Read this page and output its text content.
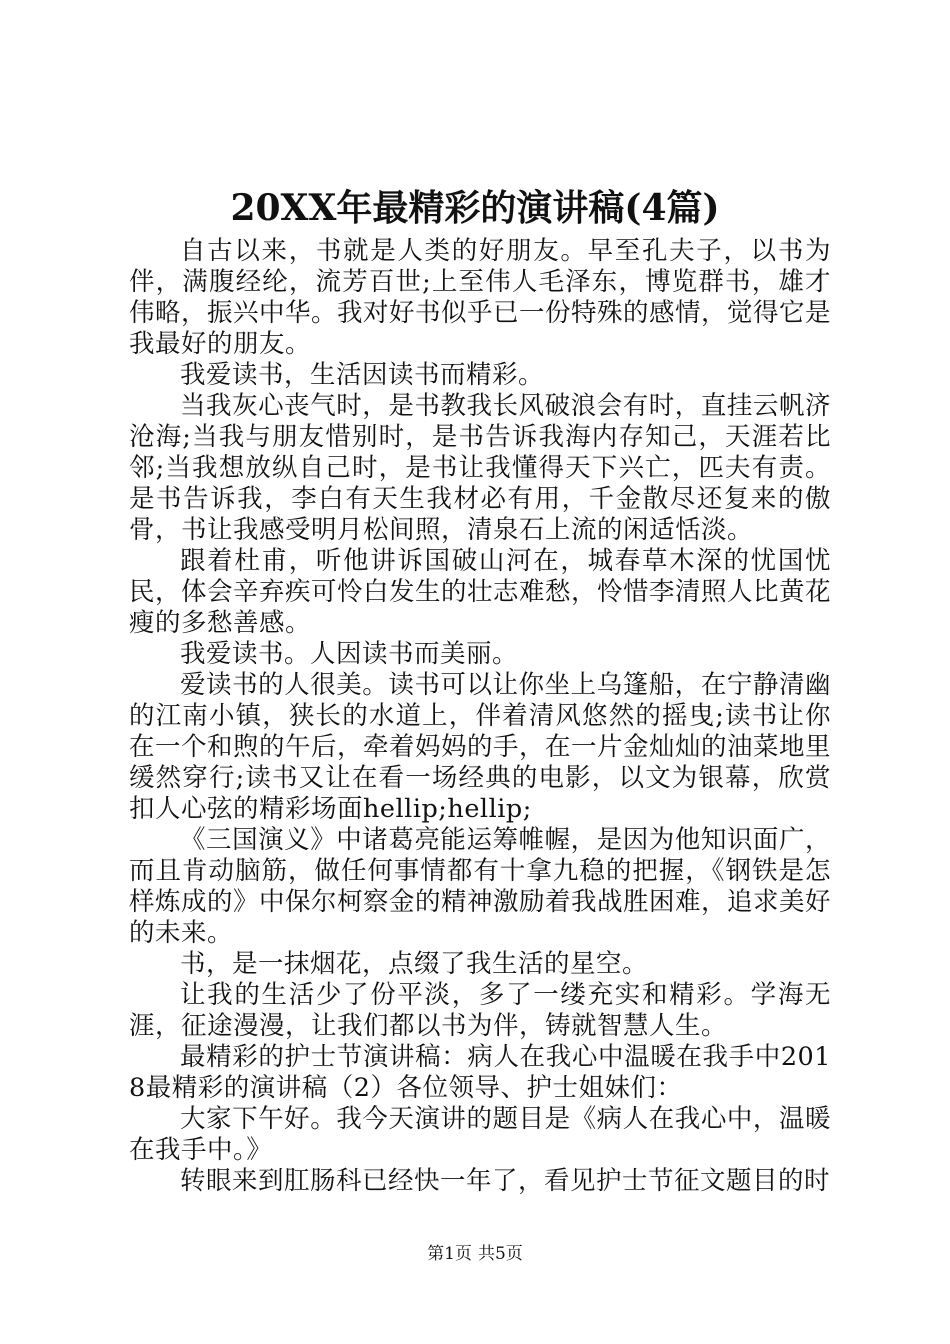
20XX年最精彩的演讲稿(4篇)

自古以来，书就是人类的好朋友。早至孔夫子，以书为伴，满腹经纶，流芳百世;上至伟人毛泽东，博览群书，雄才伟略，振兴中华。我对好书似乎已一份特殊的感情，觉得它是我最好的朋友。

我爱读书，生活因读书而精彩。

当我灰心丧气时，是书教我长风破浪会有时，直挂云帆济沧海;当我与朋友惜别时，是书告诉我海内存知己，天涯若比邻;当我想放纵自己时，是书让我懂得天下兴亡，匹夫有责。是书告诉我，李白有天生我材必有用，千金散尽还复来的傲骨，书让我感受明月松间照，清泉石上流的闲适恬淡。

跟着杜甫，听他讲诉国破山河在，城春草木深的忧国忧民，体会辛弃疾可怜白发生的壮志难愁，怜惜李清照人比黄花瘦的多愁善感。

我爱读书。人因读书而美丽。

爱读书的人很美。读书可以让你坐上乌篷船，在宁静清幽的江南小镇，狭长的水道上，伴着清风悠然的摇曳;读书让你在一个和煦的午后，牵着妈妈的手，在一片金灿灿的油菜地里缓然穿行;读书又让在看一场经典的电影，以文为银幕，欣赏扣人心弦的精彩场面hellip;hellip;

《三国演义》中诸葛亮能运筹帷幄，是因为他知识面广，而且肯动脑筋，做任何事情都有十拿九稳的把握，《钢铁是怎样炼成的》中保尔柯察金的精神激励着我战胜困难，追求美好的未来。

书，是一抹烟花，点缀了我生活的星空。

让我的生活少了份平淡，多了一缕充实和精彩。学海无涯，征途漫漫，让我们都以书为伴，铸就智慧人生。

最精彩的护士节演讲稿：病人在我心中温暖在我手中2018最精彩的演讲稿（2）各位领导、护士姐妹们：

大家下午好。我今天演讲的题目是《病人在我心中，温暖在我手中。》

转眼来到肛肠科已经快一年了，看见护士节征文题目的时

第1页 共5页
